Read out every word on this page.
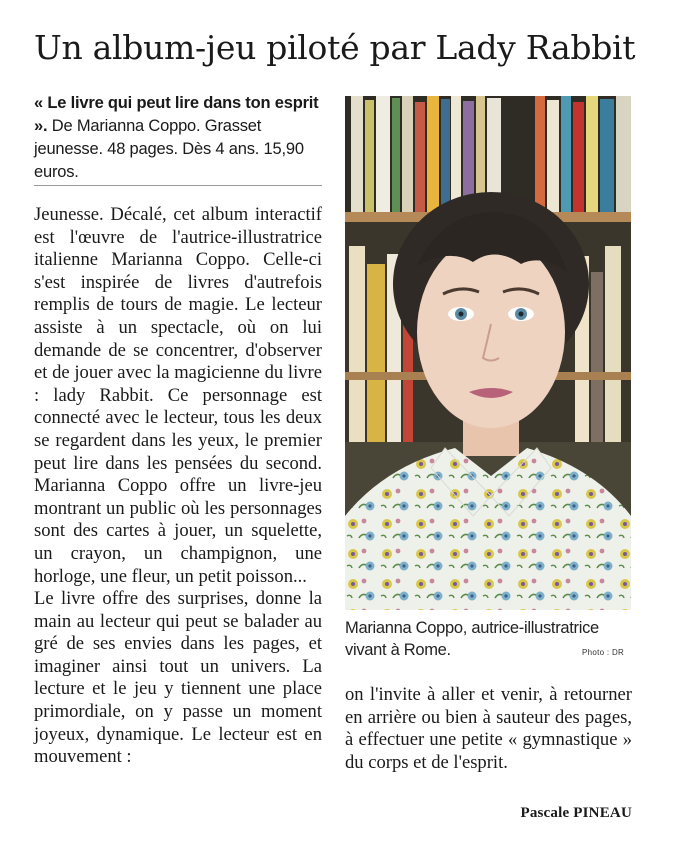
Un album-jeu piloté par Lady Rabbit
« Le livre qui peut lire dans ton esprit ». De Marianna Coppo. Grasset jeunesse. 48 pages. Dès 4 ans. 15,90 euros.

Jeunesse. Décalé, cet album interactif est l'œuvre de l'autrice-illustratrice italienne Marianna Coppo. Celle-ci s'est inspirée de livres d'autrefois remplis de tours de magie. Le lecteur assiste à un spectacle, où on lui demande de se concentrer, d'observer et de jouer avec la magicienne du livre : lady Rabbit. Ce personnage est connecté avec le lecteur, tous les deux se regardent dans les yeux, le premier peut lire dans les pensées du second. Marianna Coppo offre un livre-jeu montrant un public où les personnages sont des cartes à jouer, un squelette, un crayon, un champignon, une horloge, une fleur, un petit poisson...

Le livre offre des surprises, donne la main au lecteur qui peut se balader au gré de ses envies dans les pages, et imaginer ainsi tout un univers. La lecture et le jeu y tiennent une place primordiale, on y passe un moment joyeux, dynamique. Le lecteur est en mouvement :

Marianna Coppo, autrice-illustratrice vivant à Rome.	Photo : DR

on l'invite à aller et venir, à retourner en arrière ou bien à sauteur des pages, à effectuer une petite « gymnastique » du corps et de l'esprit.

Pascale PINEAU
